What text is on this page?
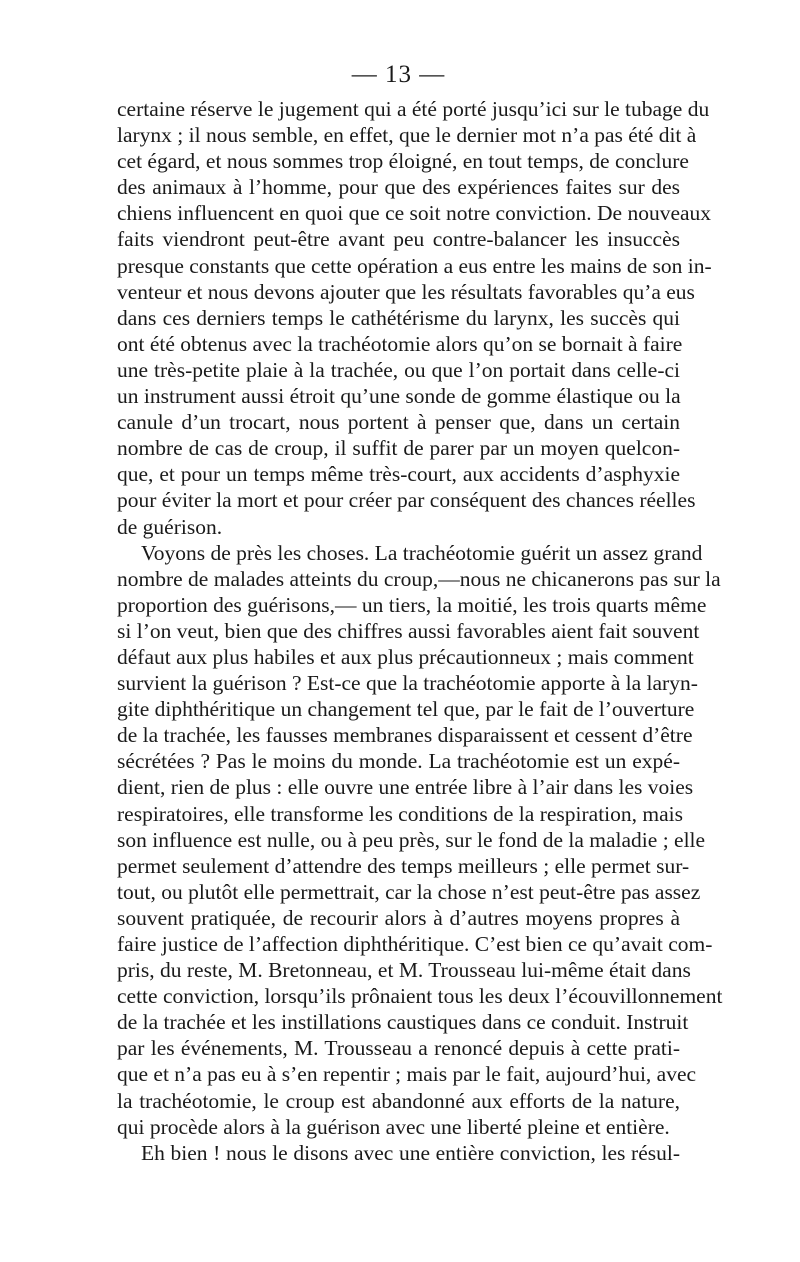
— 13 —
certaine réserve le jugement qui a été porté jusqu’ici sur le tubage du
larynx ; il nous semble, en effet, que le dernier mot n’a pas été dit à
cet égard, et nous sommes trop éloigné, en tout temps, de conclure
des animaux à l’homme, pour que des expériences faites sur des
chiens influencent en quoi que ce soit notre conviction. De nouveaux
faits viendront peut-être avant peu contre-balancer les insuccès
presque constants que cette opération a eus entre les mains de son in-
venteur et nous devons ajouter que les résultats favorables qu’a eus
dans ces derniers temps le cathétérisme du larynx, les succès qui
ont été obtenus avec la trachéotomie alors qu’on se bornait à faire
une très-petite plaie à la trachée, ou que l’on portait dans celle-ci
un instrument aussi étroit qu’une sonde de gomme élastique ou la
canule d’un trocart, nous portent à penser que, dans un certain
nombre de cas de croup, il suffit de parer par un moyen quelcon-
que, et pour un temps même très-court, aux accidents d’asphyxie
pour éviter la mort et pour créer par conséquent des chances réelles
de guérison.
Voyons de près les choses. La trachéotomie guérit un assez grand
nombre de malades atteints du croup,—nous ne chicanerons pas sur la
proportion des guérisons,— un tiers, la moitié, les trois quarts même
si l’on veut, bien que des chiffres aussi favorables aient fait souvent
défaut aux plus habiles et aux plus précautionneux ; mais comment
survient la guérison ? Est-ce que la trachéotomie apporte à la laryn-
gite diphthéritique un changement tel que, par le fait de l’ouverture
de la trachée, les fausses membranes disparaissent et cessent d’être
sécrétées ? Pas le moins du monde. La trachéotomie est un expé-
dient, rien de plus : elle ouvre une entrée libre à l’air dans les voies
respiratoires, elle transforme les conditions de la respiration, mais
son influence est nulle, ou à peu près, sur le fond de la maladie ; elle
permet seulement d’attendre des temps meilleurs ; elle permet sur-
tout, ou plutôt elle permettrait, car la chose n’est peut-être pas assez
souvent pratiquée, de recourir alors à d’autres moyens propres à
faire justice de l’affection diphthéritique. C’est bien ce qu’avait com-
pris, du reste, M. Bretonneau, et M. Trousseau lui-même était dans
cette conviction, lorsqu’ils prônaient tous les deux l’écouvillonnement
de la trachée et les instillations caustiques dans ce conduit. Instruit
par les événements, M. Trousseau a renoncé depuis à cette prati-
que et n’a pas eu à s’en repentir ; mais par le fait, aujourd’hui, avec
la trachéotomie, le croup est abandonné aux efforts de la nature,
qui procède alors à la guérison avec une liberté pleine et entière.
Eh bien ! nous le disons avec une entière conviction, les résul-
